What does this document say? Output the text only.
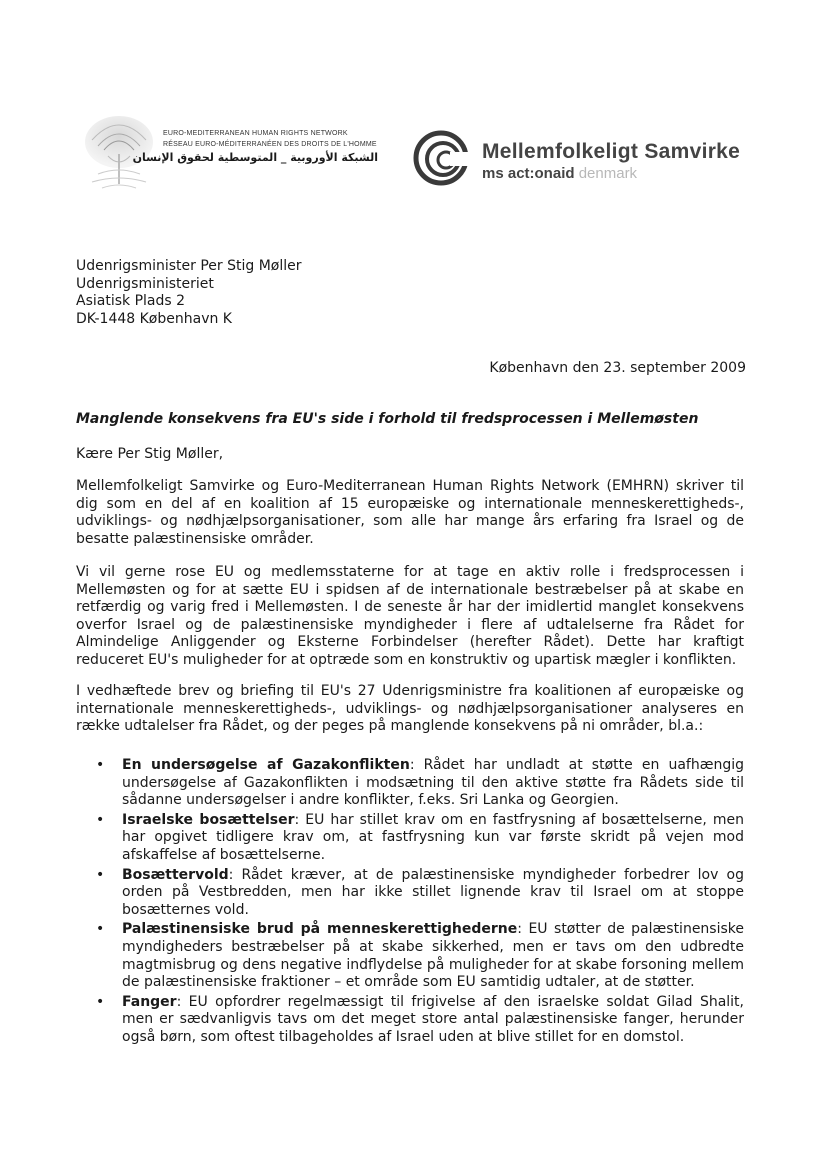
EURO-MEDITERRANEAN HUMAN RIGHTS NETWORK
RÉSEAU EURO-MÉDITERRANÉEN DES DROITS DE L'HOMME
الشبكة الأوروبية _ المتوسطية لحقوق الإنسان	Mellemfolkeligt Samvirke
ms act:onaid denmark
Udenrigsminister Per Stig Møller
Udenrigsministeriet
Asiatisk Plads 2
DK-1448 København K
København den 23. september 2009
Manglende konsekvens fra EU's side i forhold til fredsprocessen i Mellemøsten
Kære Per Stig Møller,
Mellemfolkeligt Samvirke og Euro-Mediterranean Human Rights Network (EMHRN) skriver til dig som en del af en koalition af 15 europæiske og internationale menneskerettigheds-, udviklings- og nødhjælpsorganisationer, som alle har mange års erfaring fra Israel og de besatte palæstinensiske områder.
Vi vil gerne rose EU og medlemsstaterne for at tage en aktiv rolle i fredsprocessen i Mellemøsten og for at sætte EU i spidsen af de internationale bestræbelser på at skabe en retfærdig og varig fred i Mellemøsten. I de seneste år har der imidlertid manglet konsekvens overfor Israel og de palæstinensiske myndigheder i flere af udtalelserne fra Rådet for Almindelige Anliggender og Eksterne Forbindelser (herefter Rådet). Dette har kraftigt reduceret EU's muligheder for at optræde som en konstruktiv og upartisk mægler i konflikten.
I vedhæftede brev og briefing til EU's 27 Udenrigsministre fra koalitionen af europæiske og internationale menneskerettigheds-, udviklings- og nødhjælpsorganisationer analyseres en række udtalelser fra Rådet, og der peges på manglende konsekvens på ni områder, bl.a.:
• En undersøgelse af Gazakonflikten: Rådet har undladt at støtte en uafhængig undersøgelse af Gazakonflikten i modsætning til den aktive støtte fra Rådets side til sådanne undersøgelser i andre konflikter, f.eks. Sri Lanka og Georgien.
• Israelske bosættelser: EU har stillet krav om en fastfrysning af bosættelserne, men har opgivet tidligere krav om, at fastfrysning kun var første skridt på vejen mod afskaffelse af bosættelserne.
• Bosættervold: Rådet kræver, at de palæstinensiske myndigheder forbedrer lov og orden på Vestbredden, men har ikke stillet lignende krav til Israel om at stoppe bosætternes vold.
• Palæstinensiske brud på menneskerettighederne: EU støtter de palæstinensiske myndigheders bestræbelser på at skabe sikkerhed, men er tavs om den udbredte magtmisbrug og dens negative indflydelse på muligheder for at skabe forsoning mellem de palæstinensiske fraktioner – et område som EU samtidig udtaler, at de støtter.
• Fanger: EU opfordrer regelmæssigt til frigivelse af den israelske soldat Gilad Shalit, men er sædvanligvis tavs om det meget store antal palæstinensiske fanger, herunder også børn, som oftest tilbageholdes af Israel uden at blive stillet for en domstol.
